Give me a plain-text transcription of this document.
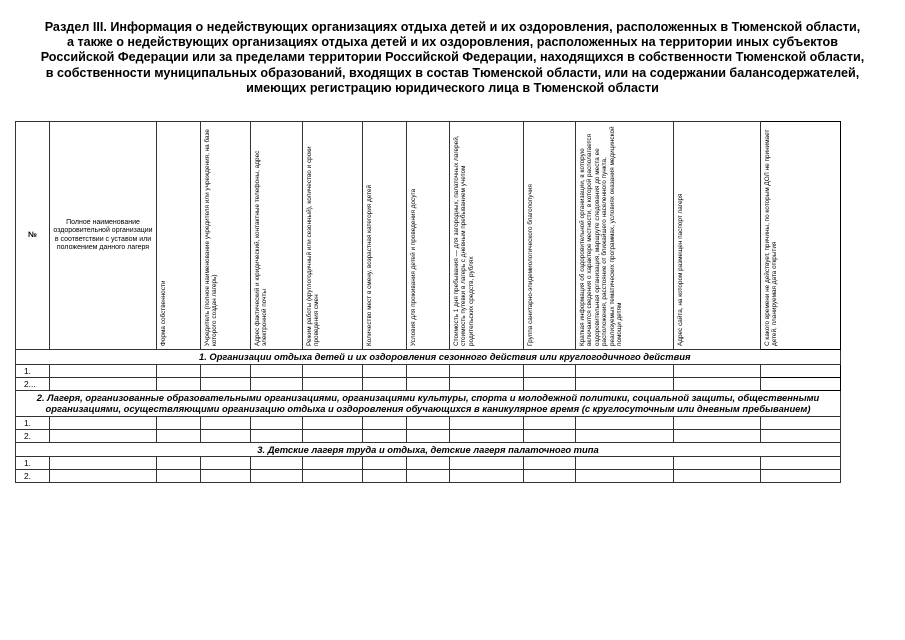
Раздел III. Информация о недействующих организациях отдыха детей и их оздоровления, расположенных в Тюменской области, а также о недействующих организациях отдыха детей и их оздоровления, расположенных на территории иных субъектов Российской Федерации или за пределами территории Российской Федерации, находящихся в собственности Тюменской области, в собственности муниципальных образований, входящих в состав Тюменской области, или на содержании балансодержателей, имеющих регистрацию юридического лица в Тюменской области
№	Полное наименование оздоровительной организации в соответствии с уставом или положением данного лагеря	Форма собственности	Учредитель (полное наименование учредителя или учреждения, на базе которого создан лагерь)	Адрес фактический и юридический, контактные телефоны, адрес электронной почты	Режим работы (круглогодичный или сезонный), количество и сроки проведения смен	Количество мест в смену, возрастная категория детей	Условия для проживания детей и проведения досуга	Стоимость 1 дня пребывания — для загородных, палаточных лагерей, стоимость путевки в лагерь с дневным пребыванием учетом родительских средств, рублях	Группа санитарно-эпидемиологического благополучия	Краткая информация об оздоровительной организации, в которую включаются сведения о характере местности, в которой располагается оздоровительная организация, маршруте следования до места ее расположения, расстояние от ближайшего населенного пункта, реализуемых тематических программах, условиях оказания медицинской помощи детям	Адрес сайта, на котором размещен паспорт лагеря	С какого времени не действует, причины, по которым ДОЛ не принимает детей, планируемая дата открытия

	1. Организации отдыха детей и их оздоровления сезонного действия или круглогодичного действия											
1.												
2...												
2. Лагеря, организованные образовательными организациями, организациями культуры, спорта и молодежной политики, социальной защиты, общественными организациями, осуществляющими организацию отдыха и оздоровления обучающихся в каникулярное время (с круглосуточным или дневным пребыванием)												
1.												
2.												
3. Детские лагеря труда и отдыха, детские лагеря палаточного типа												
1.												
2.												
